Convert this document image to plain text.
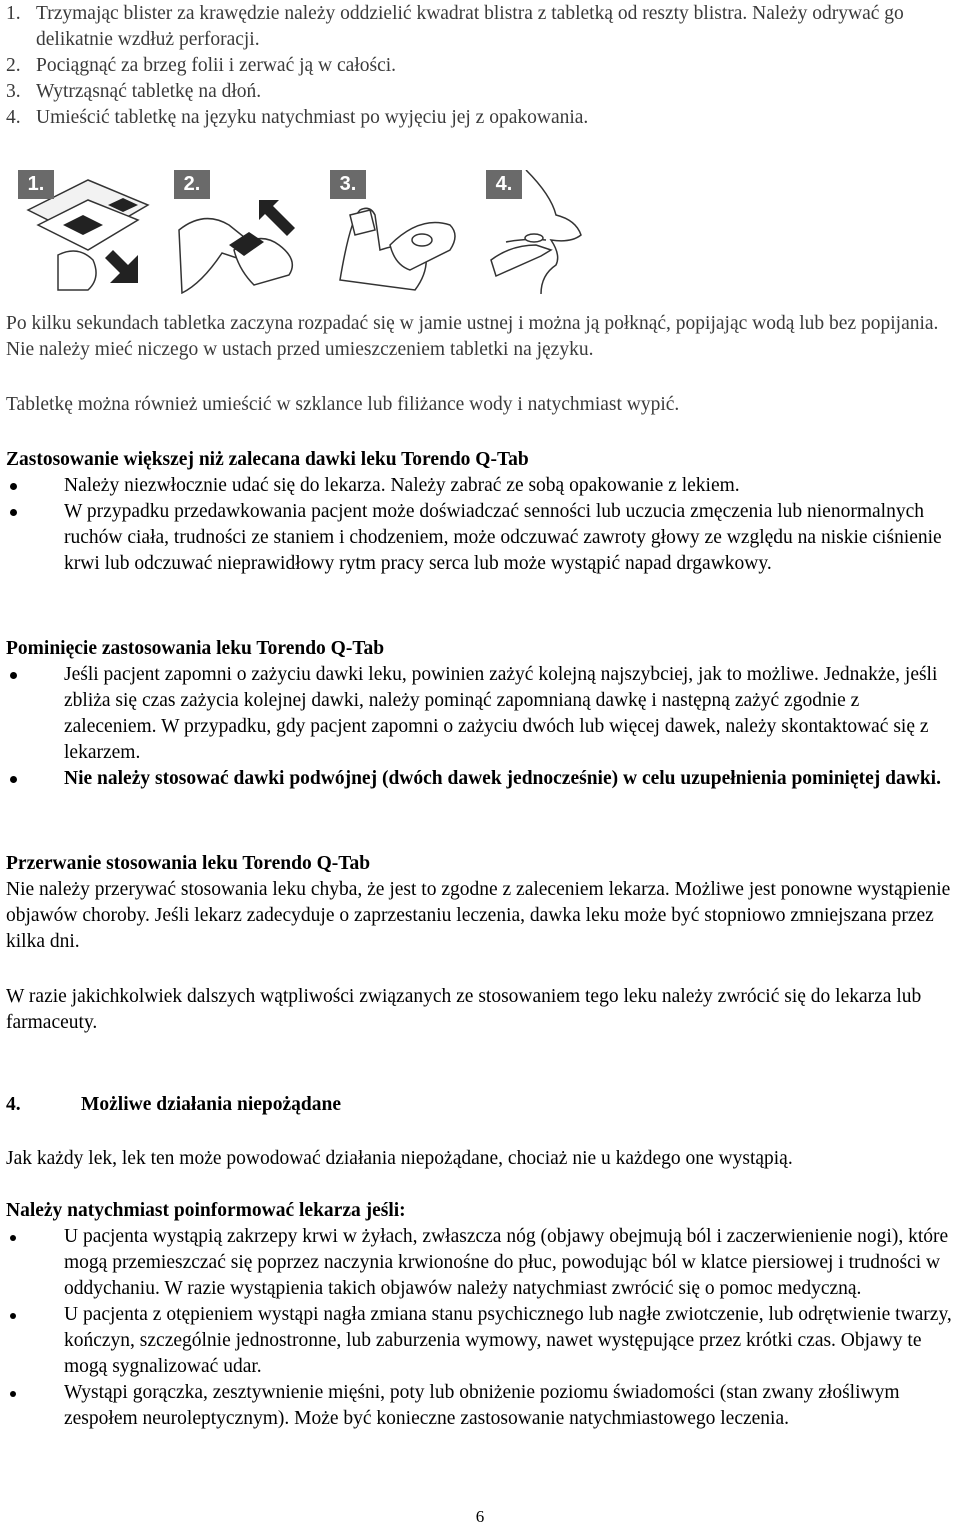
1. Trzymając blister za krawędzie należy oddzielić kwadrat blistra z tabletką od reszty blistra. Należy odrywać go delikatnie wzdłuż perforacji.
2. Pociągnąć za brzeg folii i zerwać ją w całości.
3. Wytrząsnąć tabletkę na dłoń.
4. Umieścić tabletkę na języku natychmiast po wyjęciu jej z opakowania.
1.	2.	3.	4.

Po kilku sekundach tabletka zaczyna rozpadać się w jamie ustnej i można ją połknąć, popijając wodą lub bez popijania. Nie należy mieć niczego w ustach przed umieszczeniem tabletki na języku.

Tabletkę można również umieścić w szklance lub filiżance wody i natychmiast wypić.

Zastosowanie większej niż zalecana dawki leku Torendo Q-Tab

Należy niezwłocznie udać się do lekarza. Należy zabrać ze sobą opakowanie z lekiem.
W przypadku przedawkowania pacjent może doświadczać senności lub uczucia zmęczenia lub nienormalnych ruchów ciała, trudności ze staniem i chodzeniem, może odczuwać zawroty głowy ze względu na niskie ciśnienie krwi lub odczuwać nieprawidłowy rytm pracy serca lub może wystąpić napad drgawkowy.

Pominięcie zastosowania leku Torendo Q-Tab

Jeśli pacjent zapomni o zażyciu dawki leku, powinien zażyć kolejną najszybciej, jak to możliwe. Jednakże, jeśli zbliża się czas zażycia kolejnej dawki, należy pominąć zapomnianą dawkę i następną zażyć zgodnie z zaleceniem. W przypadku, gdy pacjent zapomni o zażyciu dwóch lub więcej dawek, należy skontaktować się z lekarzem.
Nie należy stosować dawki podwójnej (dwóch dawek jednocześnie) w celu uzupełnienia pominiętej dawki.

Przerwanie stosowania leku Torendo Q-Tab

Nie należy przerywać stosowania leku chyba, że jest to zgodne z zaleceniem lekarza. Możliwe jest ponowne wystąpienie objawów choroby. Jeśli lekarz zadecyduje o zaprzestaniu leczenia, dawka leku może być stopniowo zmniejszana przez kilka dni.

W razie jakichkolwiek dalszych wątpliwości związanych ze stosowaniem tego leku należy zwrócić się do lekarza lub farmaceuty.

4.	Możliwe działania niepożądane

Jak każdy lek, lek ten może powodować działania niepożądane, chociaż nie u każdego one wystąpią.

Należy natychmiast poinformować lekarza jeśli:

U pacjenta wystąpią zakrzepy krwi w żyłach, zwłaszcza nóg (objawy obejmują ból i zaczerwienienie nogi), które mogą przemieszczać się poprzez naczynia krwionośne do płuc, powodując ból w klatce piersiowej i trudności w oddychaniu. W razie wystąpienia takich objawów należy natychmiast zwrócić się o pomoc medyczną.
U pacjenta z otępieniem wystąpi nagła zmiana stanu psychicznego lub nagłe zwiotczenie, lub odrętwienie twarzy, kończyn, szczególnie jednostronne, lub zaburzenia wymowy, nawet występujące przez krótki czas. Objawy te mogą sygnalizować udar.
Wystąpi gorączka, zesztywnienie mięśni, poty lub obniżenie poziomu świadomości (stan zwany złośliwym zespołem neuroleptycznym). Może być konieczne zastosowanie natychmiastowego leczenia.
6
